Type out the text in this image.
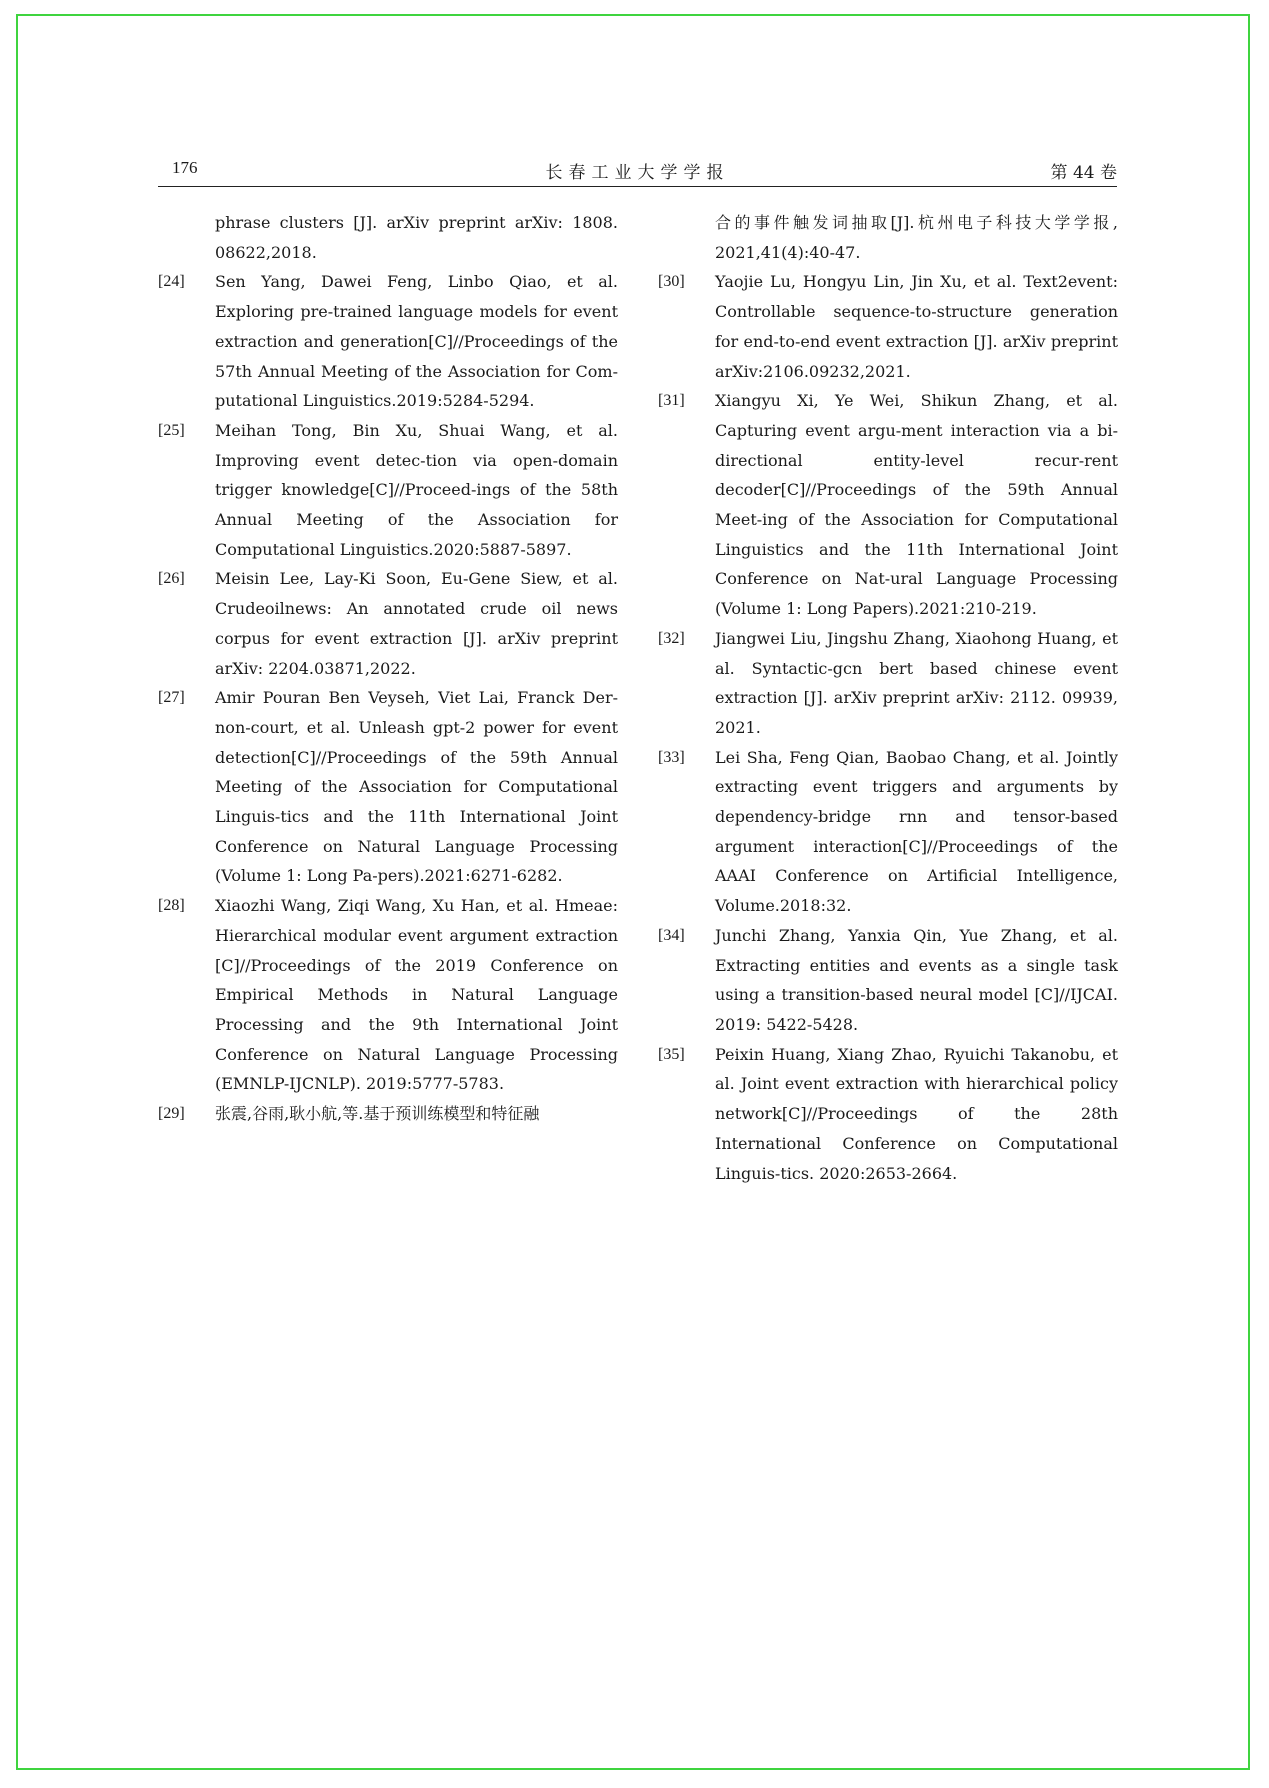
176	长春工业大学学报	第 44 卷
phrase clusters [J]. arXiv preprint arXiv: 1808. 08622,2018.
[24] Sen Yang, Dawei Feng, Linbo Qiao, et al. Exploring pre-trained language models for event extraction and generation[C]//Proceedings of the 57th Annual Meeting of the Association for Com-putational Linguistics.2019:5284-5294.
[25] Meihan Tong, Bin Xu, Shuai Wang, et al. Improving event detec-tion via open-domain trigger knowledge[C]//Proceed-ings of the 58th Annual Meeting of the Association for Computational Linguistics.2020:5887-5897.
[26] Meisin Lee, Lay-Ki Soon, Eu-Gene Siew, et al. Crudeoilnews: An annotated crude oil news corpus for event extraction [J]. arXiv preprint arXiv: 2204.03871,2022.
[27] Amir Pouran Ben Veyseh, Viet Lai, Franck Der-non-court, et al. Unleash gpt-2 power for event detection[C]//Proceedings of the 59th Annual Meeting of the Association for Computational Linguis-tics and the 11th International Joint Conference on Natural Language Processing (Volume 1: Long Pa-pers).2021:6271-6282.
[28] Xiaozhi Wang, Ziqi Wang, Xu Han, et al. Hmeae: Hierarchical modular event argument extraction [C]//Proceedings of the 2019 Conference on Empirical Methods in Natural Language Processing and the 9th International Joint Conference on Natural Language Processing (EMNLP-IJCNLP). 2019:5777-5783.
[29] 张震,谷雨,耿小航,等.基于预训练模型和特征融
合的事件触发词抽取[J].杭州电子科技大学学报, 2021,41(4):40-47.
[30] Yaojie Lu, Hongyu Lin, Jin Xu, et al. Text2event: Controllable sequence-to-structure generation for end-to-end event extraction [J]. arXiv preprint arXiv:2106.09232,2021.
[31] Xiangyu Xi, Ye Wei, Shikun Zhang, et al. Capturing event argu-ment interaction via a bi-directional entity-level recur-rent decoder[C]//Proceedings of the 59th Annual Meet-ing of the Association for Computational Linguistics and the 11th International Joint Conference on Nat-ural Language Processing (Volume 1: Long Papers).2021:210-219.
[32] Jiangwei Liu, Jingshu Zhang, Xiaohong Huang, et al. Syntactic-gcn bert based chinese event extraction [J]. arXiv preprint arXiv: 2112. 09939, 2021.
[33] Lei Sha, Feng Qian, Baobao Chang, et al. Jointly extracting event triggers and arguments by dependency-bridge rnn and tensor-based argument interaction[C]//Proceedings of the AAAI Conference on Artificial Intelligence, Volume.2018:32.
[34] Junchi Zhang, Yanxia Qin, Yue Zhang, et al. Extracting entities and events as a single task using a transition-based neural model [C]//IJCAI. 2019: 5422-5428.
[35] Peixin Huang, Xiang Zhao, Ryuichi Takanobu, et al. Joint event extraction with hierarchical policy network[C]//Proceedings of the 28th International Conference on Computational Linguis-tics. 2020:2653-2664.
